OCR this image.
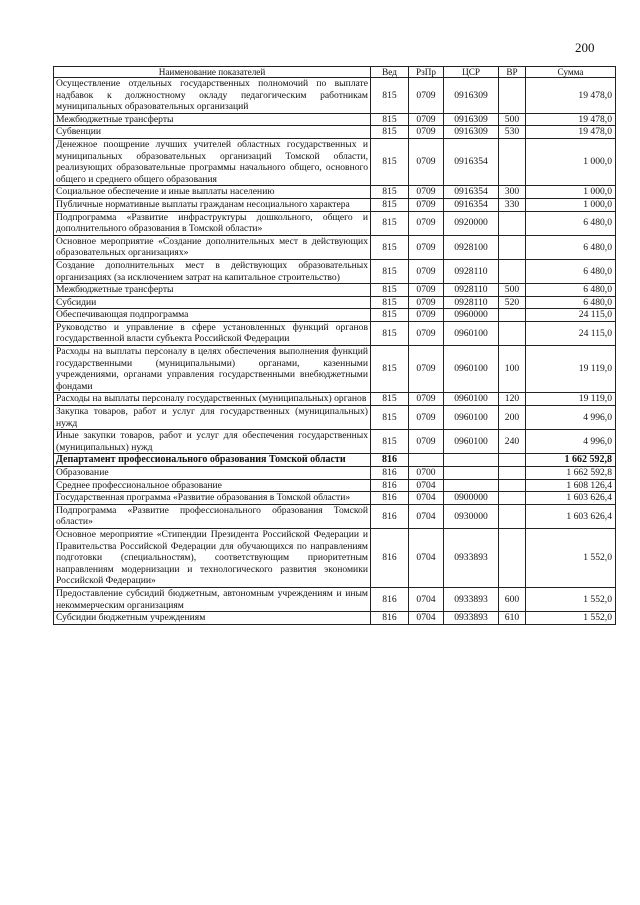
200
Наименование показателей	Вед	РзПр	ЦСР	ВР	Сумма
Осуществление отдельных государственных полномочий по выплате надбавок к должностному окладу педагогическим работникам муниципальных образовательных организаций	815	0709	0916309		19 478,0
Межбюджетные трансферты	815	0709	0916309	500	19 478,0
Субвенции	815	0709	0916309	530	19 478,0
Денежное поощрение лучших учителей областных государственных и муниципальных образовательных организаций Томской области, реализующих образовательные программы начального общего, основного общего и среднего общего образования	815	0709	0916354		1 000,0
Социальное обеспечение и иные выплаты населению	815	0709	0916354	300	1 000,0
Публичные нормативные выплаты гражданам несоциального характера	815	0709	0916354	330	1 000,0
Подпрограмма «Развитие инфраструктуры дошкольного, общего и дополнительного образования в Томской области»	815	0709	0920000		6 480,0
Основное мероприятие «Создание дополнительных мест в действующих образовательных организациях»	815	0709	0928100		6 480,0
Создание дополнительных мест в действующих образовательных организациях (за исключением затрат на капитальное строительство)	815	0709	0928110		6 480,0
Межбюджетные трансферты	815	0709	0928110	500	6 480,0
Субсидии	815	0709	0928110	520	6 480,0
Обеспечивающая подпрограмма	815	0709	0960000		24 115,0
Руководство и управление в сфере установленных функций органов государственной власти субъекта Российской Федерации	815	0709	0960100		24 115,0
Расходы на выплаты персоналу в целях обеспечения выполнения функций государственными (муниципальными) органами, казенными учреждениями, органами управления государственными внебюджетными фондами	815	0709	0960100	100	19 119,0
Расходы на выплаты персоналу государственных (муниципальных) органов	815	0709	0960100	120	19 119,0
Закупка товаров, работ и услуг для государственных (муниципальных) нужд	815	0709	0960100	200	4 996,0
Иные закупки товаров, работ и услуг для обеспечения государственных (муниципальных) нужд	815	0709	0960100	240	4 996,0
Департамент профессионального образования Томской области	816				1 662 592,8
Образование	816	0700			1 662 592,8
Среднее профессиональное образование	816	0704			1 608 126,4
Государственная программа «Развитие образования в Томской области»	816	0704	0900000		1 603 626,4
Подпрограмма «Развитие профессионального образования Томской области»	816	0704	0930000		1 603 626,4
Основное мероприятие «Стипендии Президента Российской Федерации и Правительства Российской Федерации для обучающихся по направлениям подготовки (специальностям), соответствующим приоритетным направлениям модернизации и технологического развития экономики Российской Федерации»	816	0704	0933893		1 552,0
Предоставление субсидий бюджетным, автономным учреждениям и иным некоммерческим организациям	816	0704	0933893	600	1 552,0
Субсидии бюджетным учреждениям	816	0704	0933893	610	1 552,0
